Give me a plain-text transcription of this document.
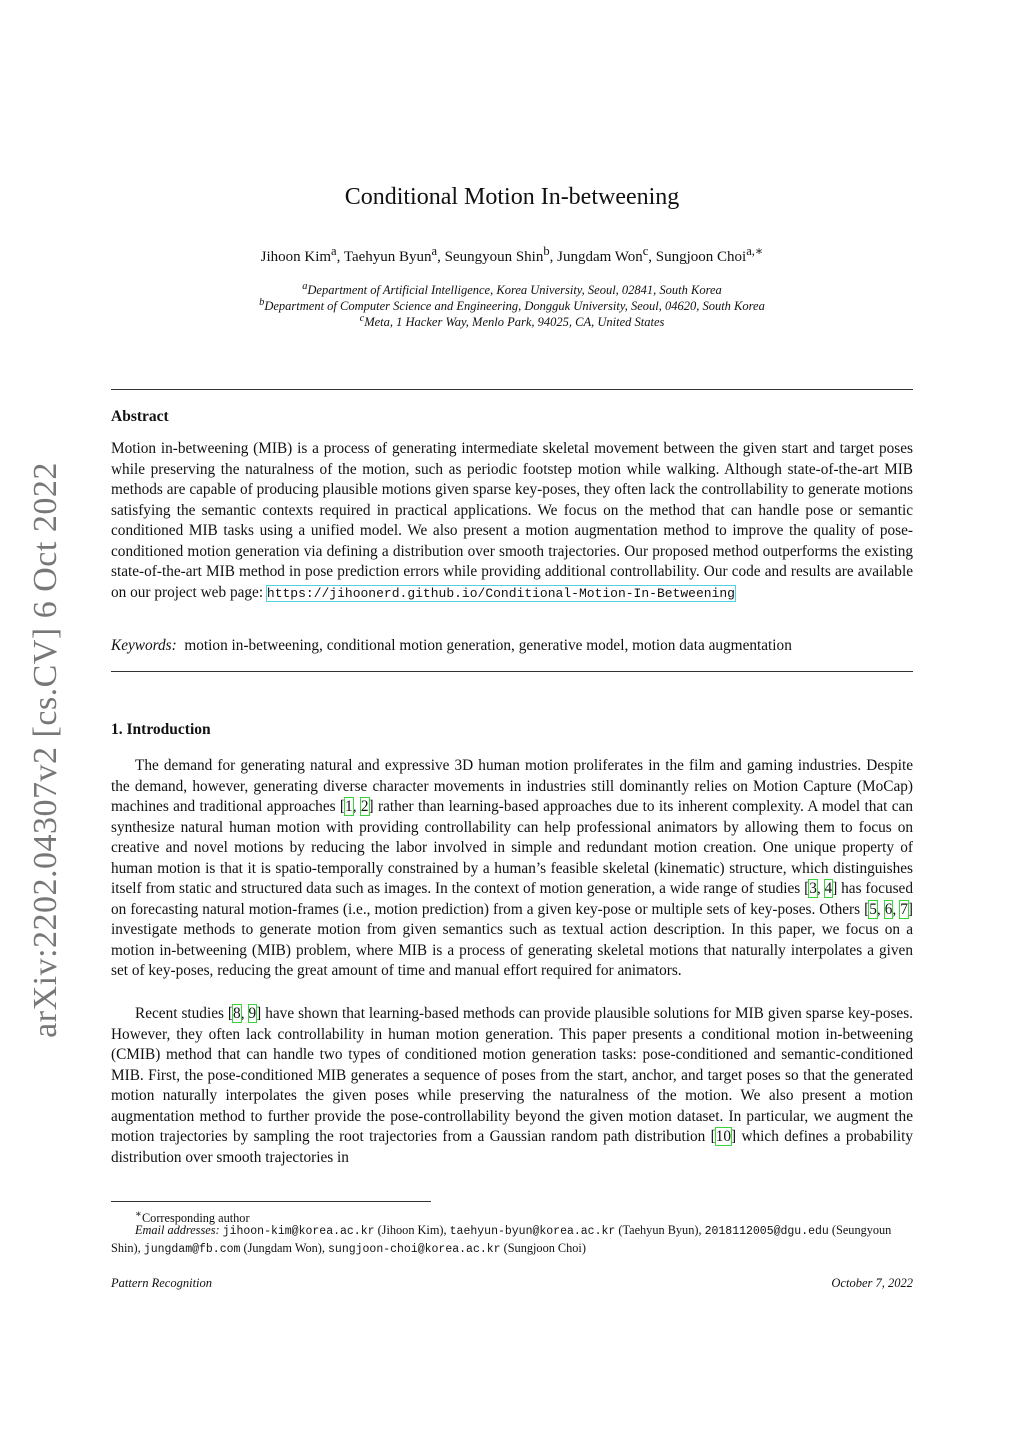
arXiv:2202.04307v2 [cs.CV] 6 Oct 2022
Conditional Motion In-betweening
Jihoon Kim$^a$, Taehyun Byun$^a$, Seungyoun Shin$^b$, Jungdam Won$^c$, Sungjoon Choi$^{a,∗}$
$^a$Department of Artificial Intelligence, Korea University, Seoul, 02841, South Korea
$^b$Department of Computer Science and Engineering, Dongguk University, Seoul, 04620, South Korea
$^c$Meta, 1 Hacker Way, Menlo Park, 94025, CA, United States
Abstract
Motion in-betweening (MIB) is a process of generating intermediate skeletal movement between the given start and target poses while preserving the naturalness of the motion, such as periodic footstep motion while walking. Although state-of-the-art MIB methods are capable of producing plausible motions given sparse key-poses, they often lack the controllability to generate motions satisfying the semantic contexts required in practical applications. We focus on the method that can handle pose or semantic conditioned MIB tasks using a unified model. We also present a motion augmentation method to improve the quality of pose-conditioned motion generation via defining a distribution over smooth trajectories. Our proposed method outperforms the existing state-of-the-art MIB method in pose prediction errors while providing additional controllability. Our code and results are available on our project web page: https://jihoonerd.github.io/Conditional-Motion-In-Betweening
Keywords: motion in-betweening, conditional motion generation, generative model, motion data augmentation
1. Introduction
The demand for generating natural and expressive 3D human motion proliferates in the film and gaming industries. Despite the demand, however, generating diverse character movements in industries still dominantly relies on Motion Capture (MoCap) machines and traditional approaches [1, 2] rather than learning-based approaches due to its inherent complexity. A model that can synthesize natural human motion with providing controllability can help professional animators by allowing them to focus on creative and novel motions by reducing the labor involved in simple and redundant motion creation. One unique property of human motion is that it is spatio-temporally constrained by a human’s feasible skeletal (kinematic) structure, which distinguishes itself from static and structured data such as images. In the context of motion generation, a wide range of studies [3, 4] has focused on forecasting natural motion-frames (i.e., motion prediction) from a given key-pose or multiple sets of key-poses. Others [5, 6, 7] investigate methods to generate motion from given semantics such as textual action description. In this paper, we focus on a motion in-betweening (MIB) problem, where MIB is a process of generating skeletal motions that naturally interpolates a given set of key-poses, reducing the great amount of time and manual effort required for animators.
Recent studies [8, 9] have shown that learning-based methods can provide plausible solutions for MIB given sparse key-poses. However, they often lack controllability in human motion generation. This paper presents a conditional motion in-betweening (CMIB) method that can handle two types of conditioned motion generation tasks: pose-conditioned and semantic-conditioned MIB. First, the pose-conditioned MIB generates a sequence of poses from the start, anchor, and target poses so that the generated motion naturally interpolates the given poses while preserving the naturalness of the motion. We also present a motion augmentation method to further provide the pose-controllability beyond the given motion dataset. In particular, we augment the motion trajectories by sampling the root trajectories from a Gaussian random path distribution [10] which defines a probability distribution over smooth trajectories in
∗Corresponding author
Email addresses: jihoon-kim@korea.ac.kr (Jihoon Kim), taehyun-byun@korea.ac.kr (Taehyun Byun), 2018112005@dgu.edu (Seungyoun Shin), jungdam@fb.com (Jungdam Won), sungjoon-choi@korea.ac.kr (Sungjoon Choi)
Pattern Recognition	October 7, 2022
